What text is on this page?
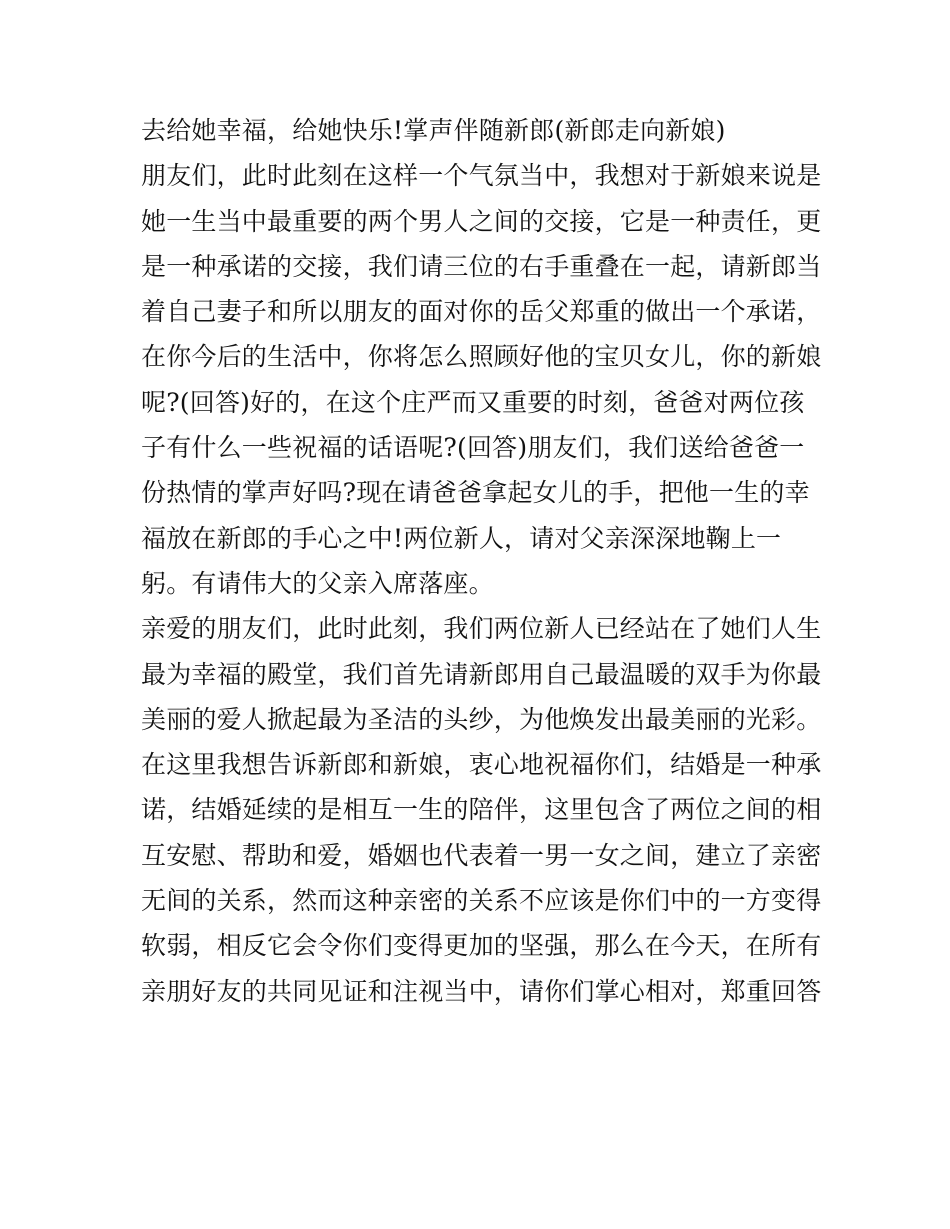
去给她幸福，给她快乐!掌声伴随新郎(新郎走向新娘)
朋友们，此时此刻在这样一个气氛当中，我想对于新娘来说是
她一生当中最重要的两个男人之间的交接，它是一种责任，更
是一种承诺的交接，我们请三位的右手重叠在一起，请新郎当
着自己妻子和所以朋友的面对你的岳父郑重的做出一个承诺，
在你今后的生活中，你将怎么照顾好他的宝贝女儿，你的新娘
呢?(回答)好的，在这个庄严而又重要的时刻，爸爸对两位孩
子有什么一些祝福的话语呢?(回答)朋友们，我们送给爸爸一
份热情的掌声好吗?现在请爸爸拿起女儿的手，把他一生的幸
福放在新郎的手心之中!两位新人，请对父亲深深地鞠上一
躬。有请伟大的父亲入席落座。
亲爱的朋友们，此时此刻，我们两位新人已经站在了她们人生
最为幸福的殿堂，我们首先请新郎用自己最温暖的双手为你最
美丽的爱人掀起最为圣洁的头纱，为他焕发出最美丽的光彩。
在这里我想告诉新郎和新娘，衷心地祝福你们，结婚是一种承
诺，结婚延续的是相互一生的陪伴，这里包含了两位之间的相
互安慰、帮助和爱，婚姻也代表着一男一女之间，建立了亲密
无间的关系，然而这种亲密的关系不应该是你们中的一方变得
软弱，相反它会令你们变得更加的坚强，那么在今天，在所有
亲朋好友的共同见证和注视当中，请你们掌心相对，郑重回答
